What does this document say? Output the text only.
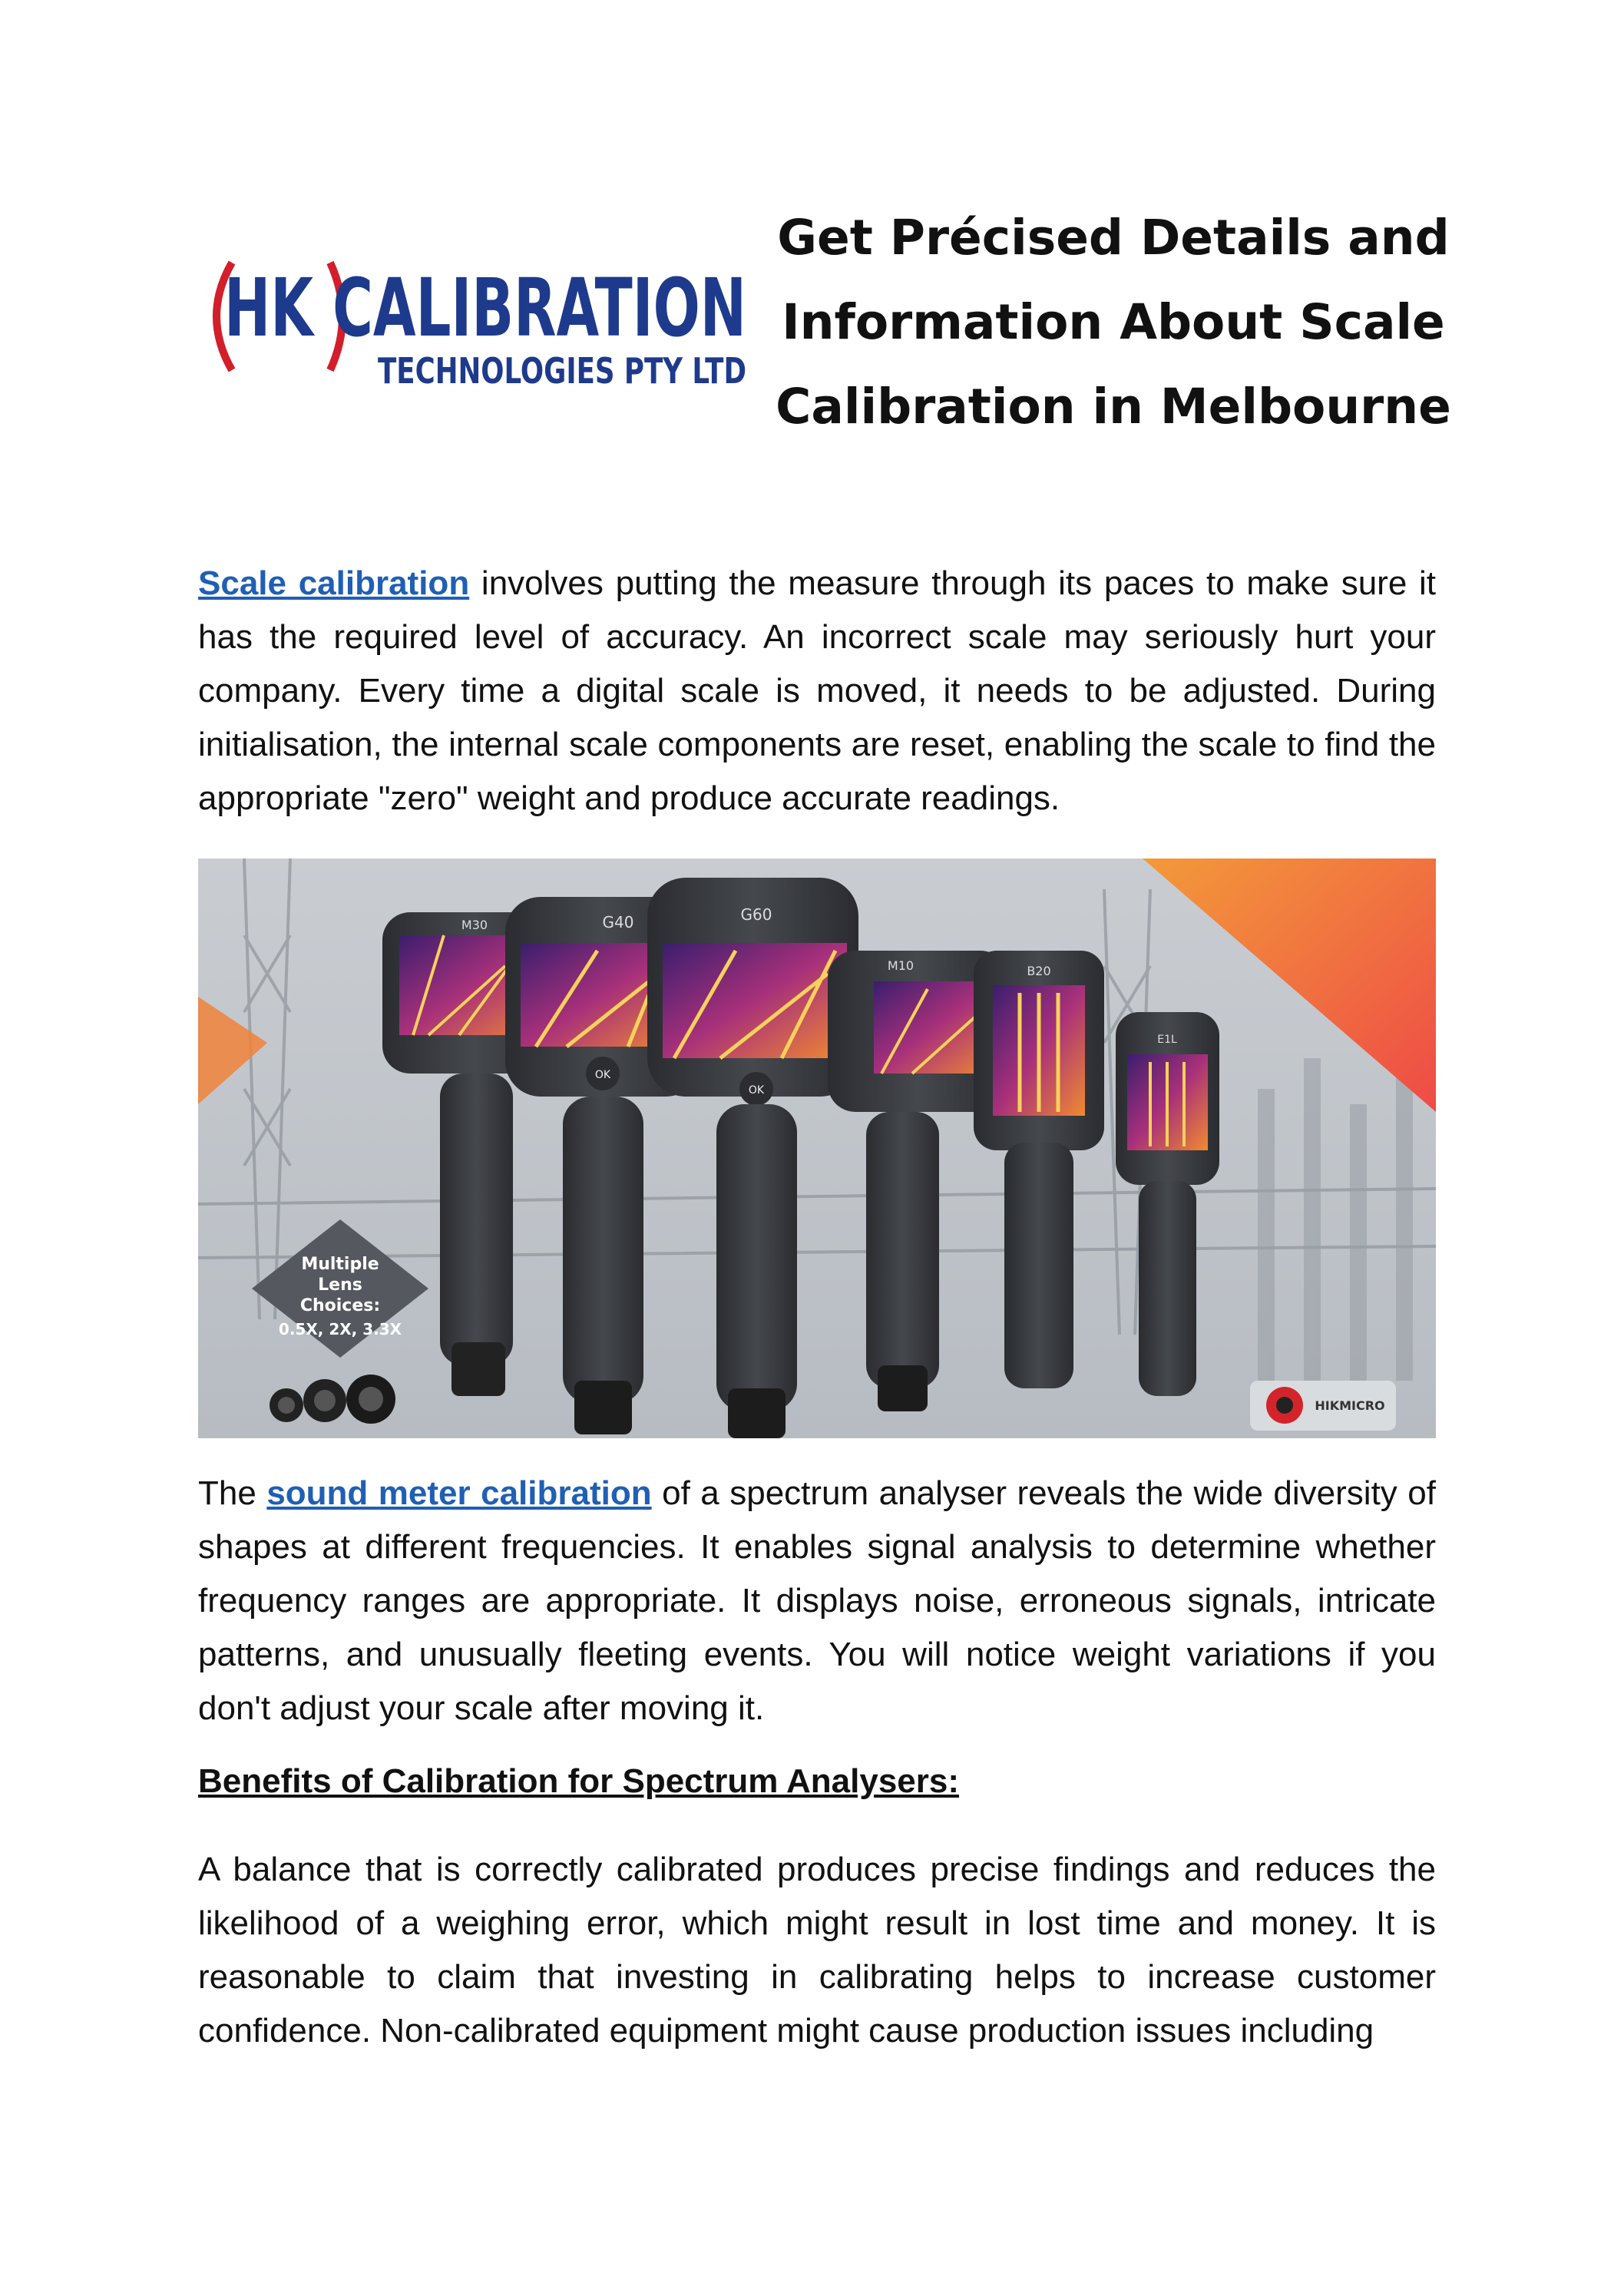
HK CALIBRATION
TECHNOLOGIES PTY LTD
Get Précised Details and
Information About Scale
Calibration in Melbourne

Scale calibration involves putting the measure through its paces to make sure it has the required level of accuracy. An incorrect scale may seriously hurt your company. Every time a digital scale is moved, it needs to be adjusted. During initialisation, the internal scale components are reset, enabling the scale to find the appropriate "zero" weight and produce accurate readings.

Multiple
Lens
Choices:
0.5X, 2X, 3.3X
M30	G40
OK
G60
OK
M10	B20
E1L
HIKMICRO

The sound meter calibration of a spectrum analyser reveals the wide diversity of shapes at different frequencies. It enables signal analysis to determine whether frequency ranges are appropriate. It displays noise, erroneous signals, intricate patterns, and unusually fleeting events. You will notice weight variations if you don't adjust your scale after moving it.

Benefits of Calibration for Spectrum Analysers:

A balance that is correctly calibrated produces precise findings and reduces the likelihood of a weighing error, which might result in lost time and money. It is reasonable to claim that investing in calibrating helps to increase customer confidence. Non-calibrated equipment might cause production issues including
